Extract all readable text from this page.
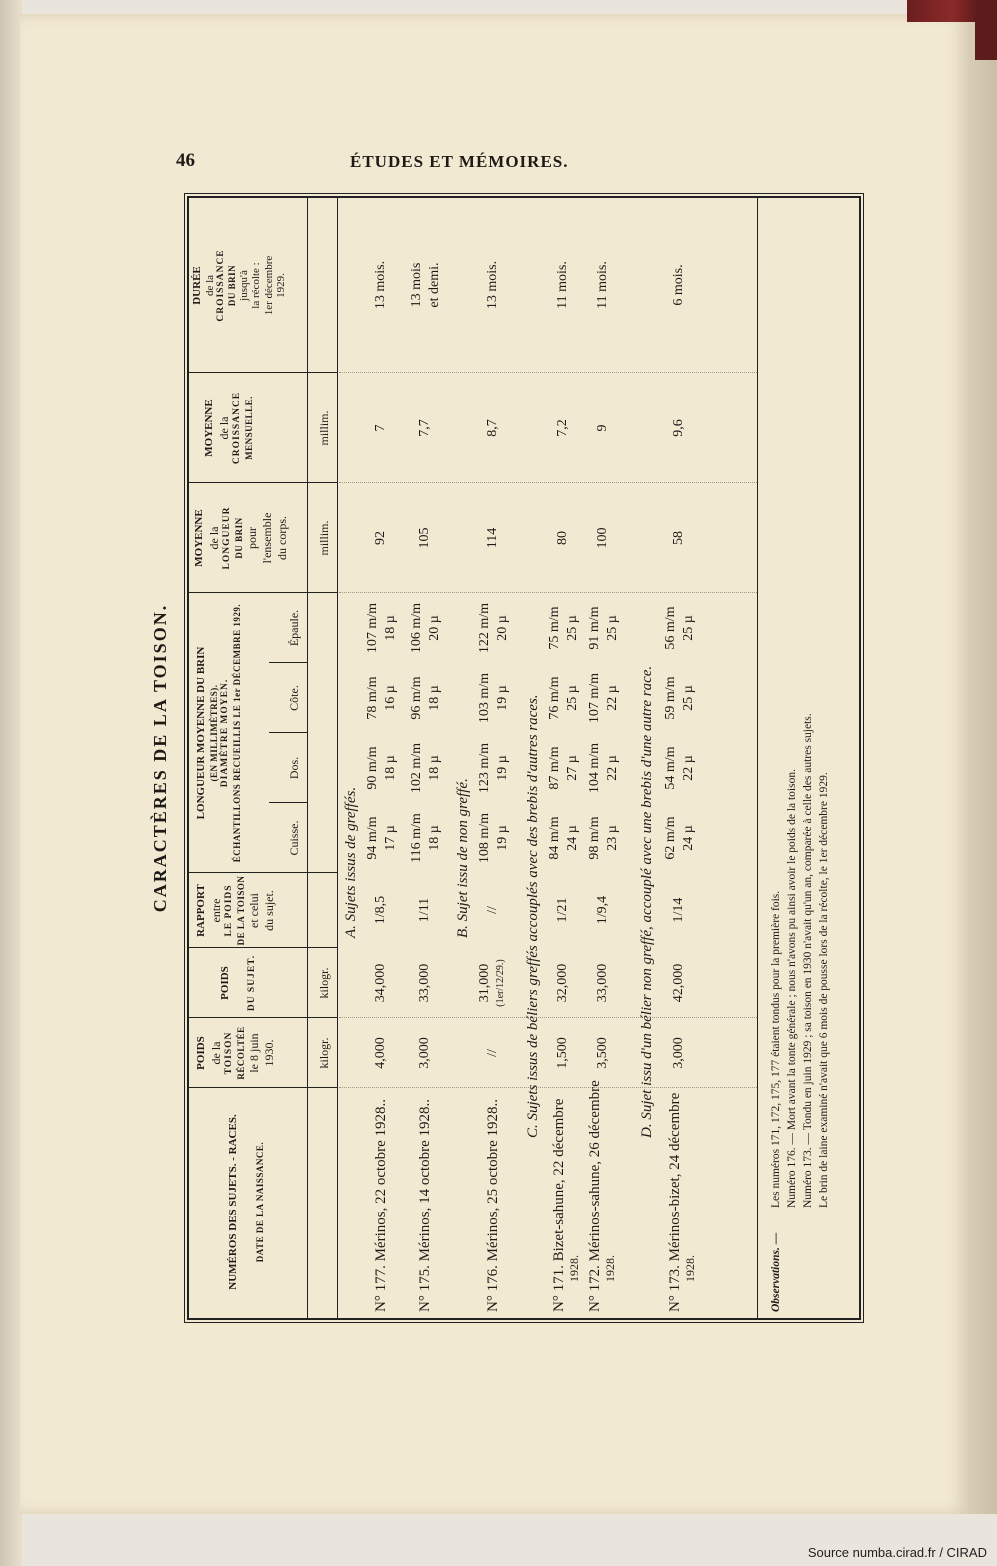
46	ÉTUDES ET MÉMOIRES.
CARACTÈRES DE LA TOISON.
NUMÉROS DES SUJETS. - RACES. DATE DE LA NAISSANCE.
POIDS de la TOISON RÉCOLTÉE le 8 juin 1930.
POIDS DU SUJET.
RAPPORT entre LE POIDS DE LA TOISON et celui du sujet.
LONGUEUR MOYENNE DU BRIN (EN MILLIMÈTRES). DIAMÈTRE MOYEN. ÉCHANTILLONS RECUEILLIS LE 1er DÉCEMBRE 1929.	Cuisse.
Dos.
Côte.
Épaule.
MOYENNE de la LONGUEUR DU BRIN pour l'ensemble du corps.
MOYENNE de la CROISSANCE MENSUELLE.
DURÉE de la CROISSANCE DU BRIN jusqu'à la récolte : 1er décembre 1929.
kilogr.
kilogr.
millim.
millim.
A. Sujets issus de greffés.
N° 177. Mérinos, 22 octobre 1928..
4,000
34,000
1/8,5
94 m/m 17 µ
90 m/m 18 µ
78 m/m 16 µ
107 m/m 18 µ
92
7
13 mois.
N° 175. Mérinos, 14 octobre 1928..
3,000
33,000
1/11
116 m/m 18 µ
102 m/m 18 µ
96 m/m 18 µ
106 m/m 20 µ
105
7,7
13 mois et demi.
B. Sujet issu de non greffé.
N° 176. Mérinos, 25 octobre 1928..
//
31,000 (1er/12/29.)
//
108 m/m 19 µ
123 m/m 19 µ
103 m/m 19 µ
122 m/m 20 µ
114
8,7
13 mois.
C. Sujets issus de béliers greffés accouplés avec des brebis d'autres races.
N° 171. Bizet-sahune, 22 décembre 1928.
1,500
32,000
1/21
84 m/m 24 µ
87 m/m 27 µ
76 m/m 25 µ
75 m/m 25 µ
80
7,2
11 mois.
N° 172. Mérinos-sahune, 26 décembre 1928.
3,500
33,000
1/9,4
98 m/m 23 µ
104 m/m 22 µ
107 m/m 22 µ
91 m/m 25 µ
100
9
11 mois.
D. Sujet issu d'un bélier non greffé, accouplé avec une brebis d'une autre race.
N° 173. Mérinos-bizet, 24 décembre 1928.
3,000
42,000
1/14
62 m/m 24 µ
54 m/m 22 µ
59 m/m 25 µ
56 m/m 25 µ
58
9,6
6 mois.
Observations. —
Les numéros 171, 172, 175, 177 étaient tondus pour la première fois. Numéro 176. — Mort avant la tonte générale ; nous n'avons pu ainsi avoir le poids de la toison. Numéro 173. — Tondu en juin 1929 ; sa toison en 1930 n'avait qu'un an, comparée à celle des autres sujets. Le brin de laine examiné n'avait que 6 mois de pousse lors de la récolte, le 1er décembre 1929.
Source numba.cirad.fr / CIRAD
